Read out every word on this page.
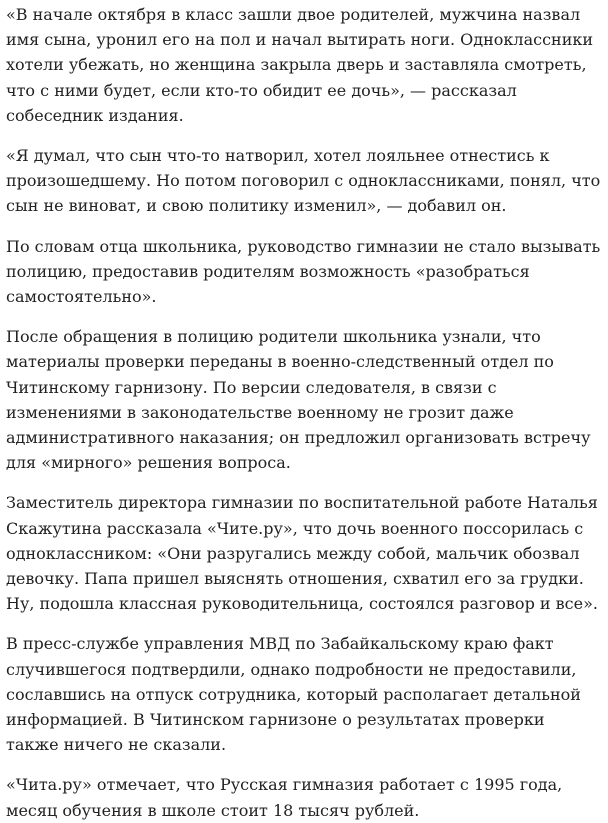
«В начале октября в класс зашли двое родителей, мужчина назвал имя сына, уронил его на пол и начал вытирать ноги. Одноклассники хотели убежать, но женщина закрыла дверь и заставляла смотреть, что с ними будет, если кто-то обидит ее дочь», — рассказал собеседник издания.

«Я думал, что сын что-то натворил, хотел лояльнее отнестись к произошедшему. Но потом поговорил с одноклассниками, понял, что сын не виноват, и свою политику изменил», — добавил он.

По словам отца школьника, руководство гимназии не стало вызывать полицию, предоставив родителям возможность «разобраться самостоятельно».

После обращения в полицию родители школьника узнали, что материалы проверки переданы в военно-следственный отдел по Читинскому гарнизону. По версии следователя, в связи с изменениями в законодательстве военному не грозит даже административного наказания; он предложил организовать встречу для «мирного» решения вопроса.

Заместитель директора гимназии по воспитательной работе Наталья Скажутина рассказала «Чите.ру», что дочь военного поссорилась с одноклассником: «Они разругались между собой, мальчик обозвал девочку. Папа пришел выяснять отношения, схватил его за грудки. Ну, подошла классная руководительница, состоялся разговор и все».

В пресс-службе управления МВД по Забайкальскому краю факт случившегося подтвердили, однако подробности не предоставили, сославшись на отпуск сотрудника, который располагает детальной информацией. В Читинском гарнизоне о результатах проверки также ничего не сказали.

«Чита.ру» отмечает, что Русская гимназия работает с 1995 года, месяц обучения в школе стоит 18 тысяч рублей.
